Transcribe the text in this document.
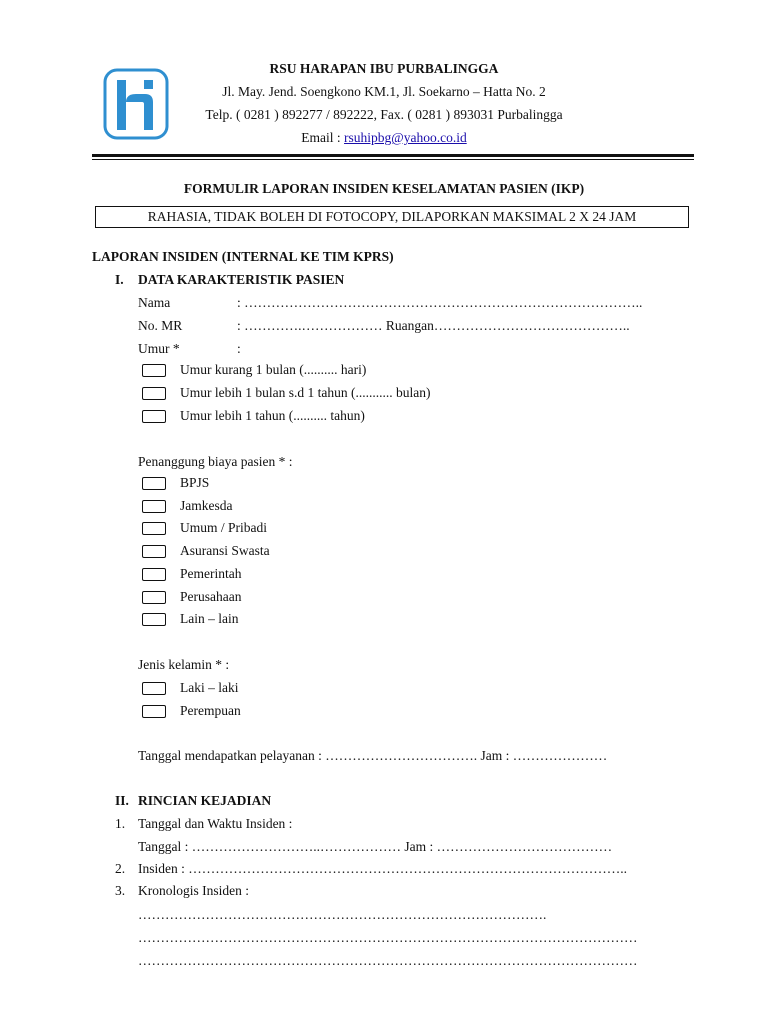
RSU HARAPAN IBU PURBALINGGA
Jl. May. Jend. Soengkono KM.1, Jl. Soekarno – Hatta No. 2
Telp. ( 0281 ) 892277 / 892222, Fax. ( 0281 ) 893031 Purbalingga
Email : rsuhipbg@yahoo.co.id
FORMULIR LAPORAN INSIDEN KESELAMATAN PASIEN (IKP)
RAHASIA, TIDAK BOLEH DI FOTOCOPY, DILAPORKAN MAKSIMAL 2 X 24 JAM
LAPORAN INSIDEN (INTERNAL KE TIM KPRS)
I. DATA KARAKTERISTIK PASIEN
Nama	: ……………………………………………………………………………..
No. MR	: ………….……………… Ruangan……………………………………..
Umur *	:
Umur kurang 1 bulan (.......... hari)
Umur lebih 1 bulan s.d 1 tahun (........... bulan)
Umur lebih 1 tahun (.......... tahun)
Penanggung biaya pasien * :
BPJS
Jamkesda
Umum / Pribadi
Asuransi Swasta
Pemerintah
Perusahaan
Lain – lain
Jenis kelamin * :
Laki – laki
Perempuan
Tanggal mendapatkan pelayanan : ……………………………. Jam : …………………
II. RINCIAN KEJADIAN
1. Tanggal dan Waktu Insiden :
Tanggal : ………………………..……………… Jam : …………………………………
2. Insiden : ……………………………………………………………………………………..
3. Kronologis Insiden :
……………………………………………………………………………….
…………………………………………………………………………………………………
…………………………………………………………………………………………………
